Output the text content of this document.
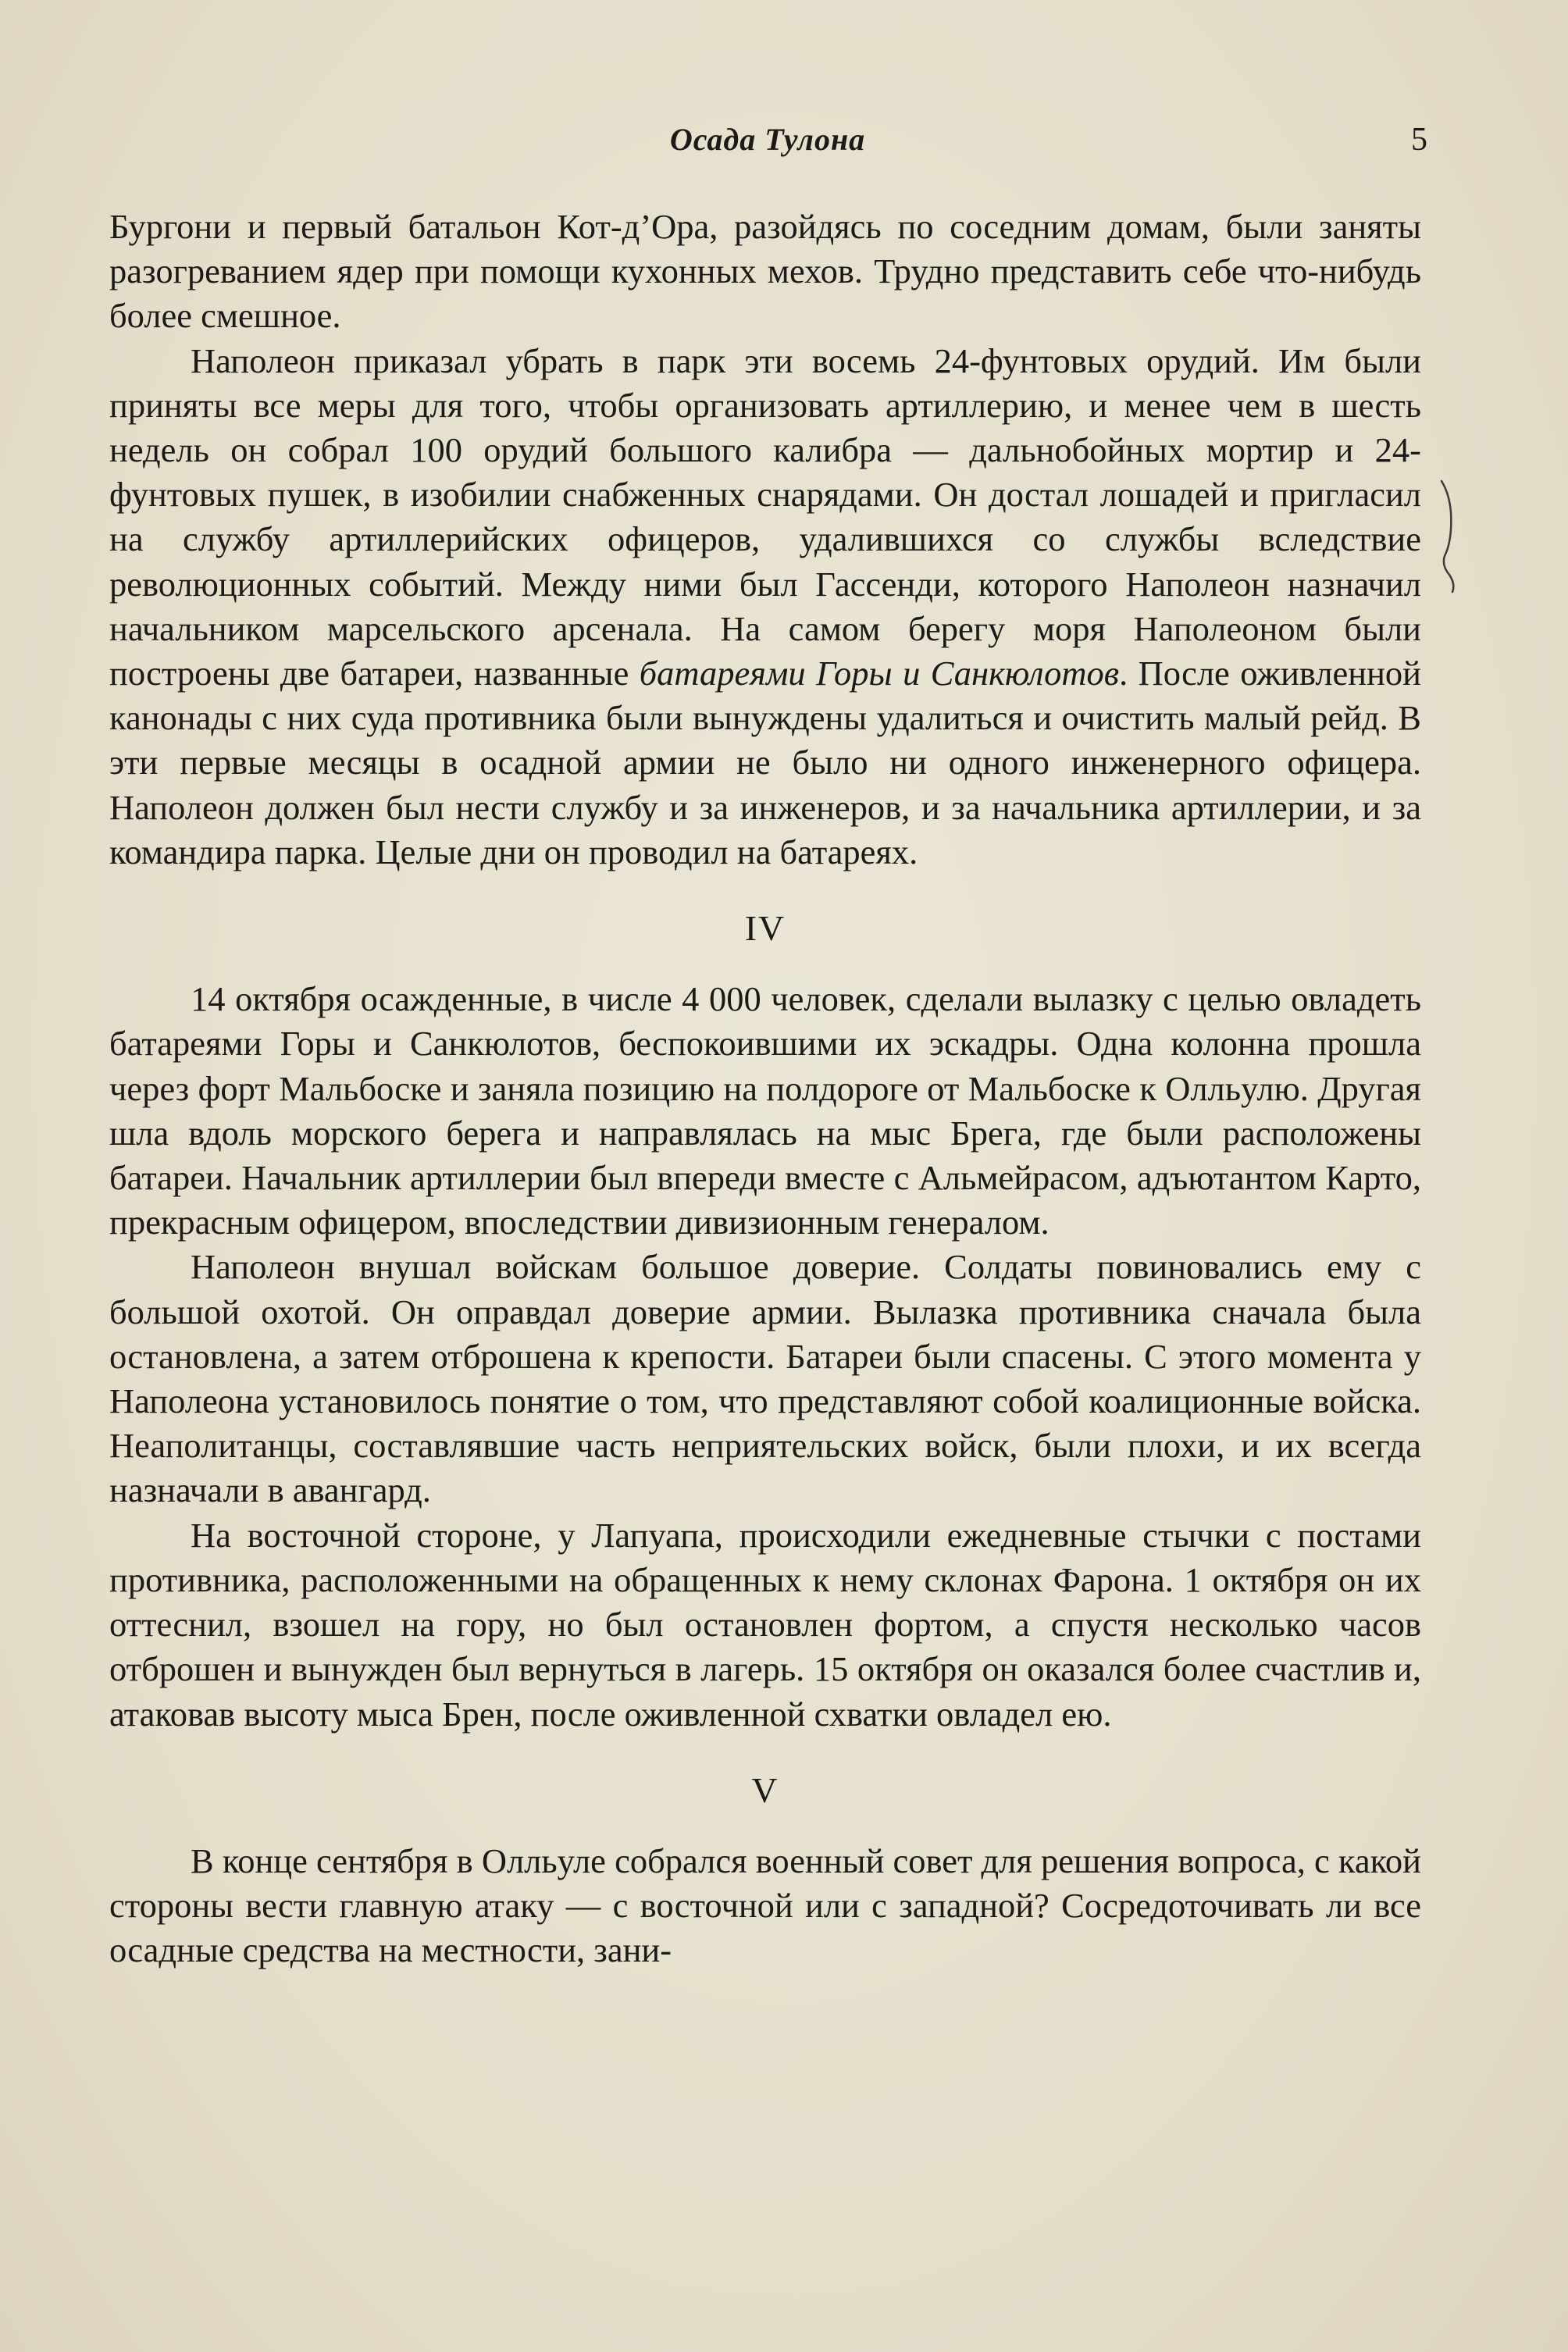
Осада Тулона	5

Бургони и первый батальон Кот-д’Ора, разойдясь по соседним домам, были заняты разогреванием ядер при помощи кухонных мехов. Трудно представить себе что-нибудь более смешное.

Наполеон приказал убрать в парк эти восемь 24-фунтовых орудий. Им были приняты все меры для того, чтобы организовать артиллерию, и менее чем в шесть недель он собрал 100 орудий большого калибра — дальнобойных мортир и 24-фунтовых пушек, в изобилии снабженных снарядами. Он достал лошадей и пригласил на службу артиллерийских офицеров, удалившихся со службы вследствие революционных событий. Между ними был Гассенди, которого Наполеон назначил начальником марсельского арсенала. На самом берегу моря Наполеоном были построены две батареи, названные батареями Горы и Санкюлотов. После оживленной канонады с них суда противника были вынуждены удалиться и очистить малый рейд. В эти первые месяцы в осадной армии не было ни одного инженерного офицера. Наполеон должен был нести службу и за инженеров, и за начальника артиллерии, и за командира парка. Целые дни он проводил на батареях.

IV

14 октября осажденные, в числе 4 000 человек, сделали вылазку с целью овладеть батареями Горы и Санкюлотов, беспокоившими их эскадры. Одна колонна прошла через форт Мальбоске и заняла позицию на полдороге от Мальбоске к Олльулю. Другая шла вдоль морского берега и направлялась на мыс Брега, где были расположены батареи. Начальник артиллерии был впереди вместе с Альмейрасом, адъютантом Карто, прекрасным офицером, впоследствии дивизионным генералом.

Наполеон внушал войскам большое доверие. Солдаты повиновались ему с большой охотой. Он оправдал доверие армии. Вылазка противника сначала была остановлена, а затем отброшена к крепости. Батареи были спасены. С этого момента у Наполеона установилось понятие о том, что представляют собой коалиционные войска. Неаполитанцы, составлявшие часть неприятельских войск, были плохи, и их всегда назначали в авангард.

На восточной стороне, у Лапуапа, происходили ежедневные стычки с постами противника, расположенными на обращенных к нему склонах Фарона. 1 октября он их оттеснил, взошел на гору, но был остановлен фортом, а спустя несколько часов отброшен и вынужден был вернуться в лагерь. 15 октября он оказался более счастлив и, атаковав высоту мыса Брен, после оживленной схватки овладел ею.

V

В конце сентября в Олльуле собрался военный совет для решения вопроса, с какой стороны вести главную атаку — с восточной или с западной? Сосредоточивать ли все осадные средства на местности, зани-
